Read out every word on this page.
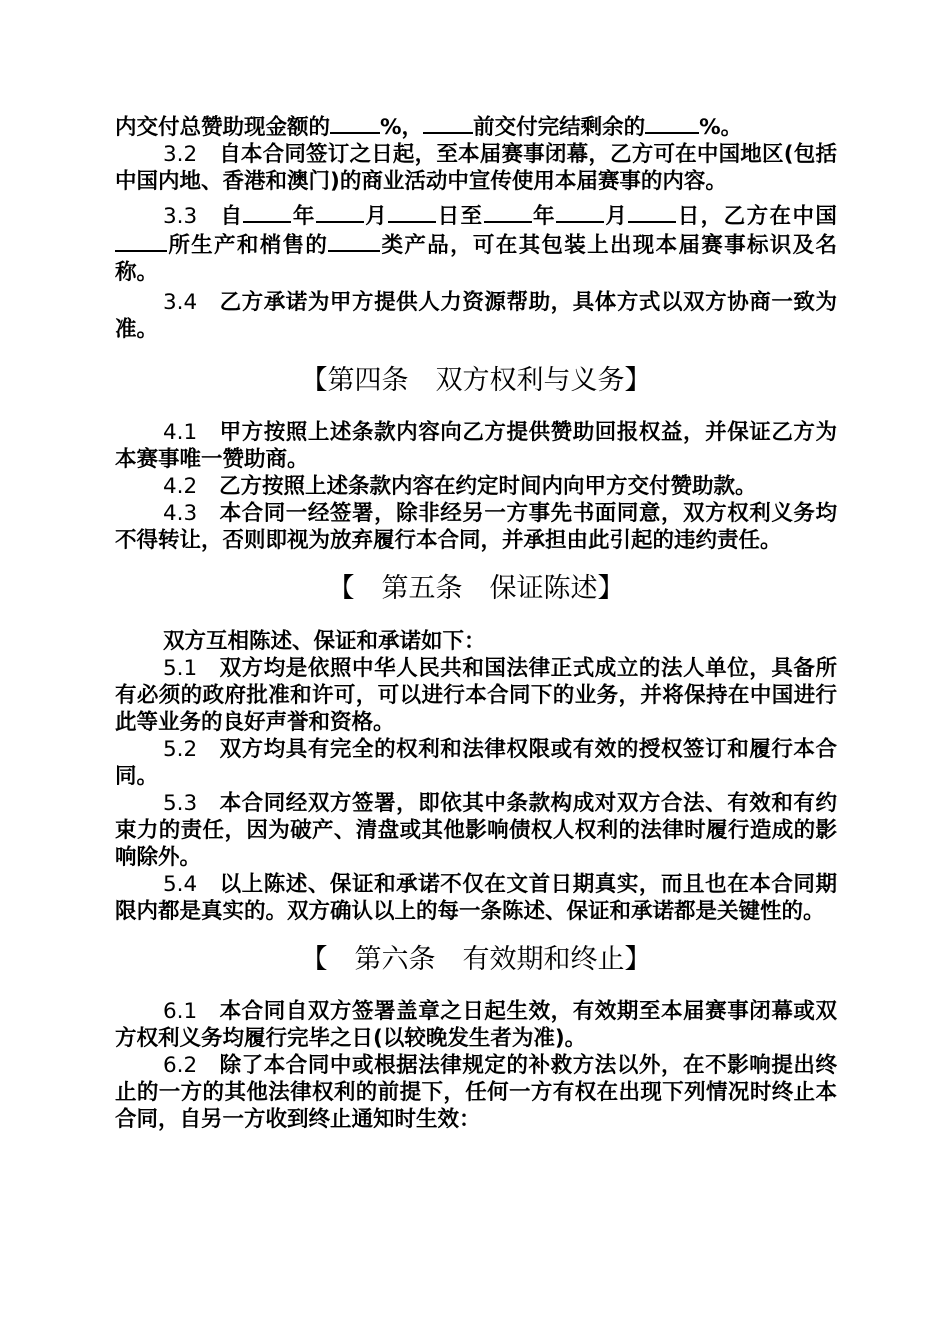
内交付总赞助现金额的 %， 前交付完结剩余的	%。

3.2 自本合同签订之日起，至本届赛事闭幕，乙方可在中国地区(包括中国内地、香港和澳门)的商业活动中宣传使用本届赛事的内容。

3.3 自 年 月 日至 年 月 日，乙方在中国所生产和梢售的 类产品，可在其包装上出现本届赛事标识及名称。

3.4 乙方承诺为甲方提供人力资源帮助，具体方式以双方协商一致为准。

【第四条　双方权利与义务】

4.1 甲方按照上述条款内容向乙方提供赞助回报权益，并保证乙方为本赛事唯一赞助商。

4.2 乙方按照上述条款内容在约定时间内向甲方交付赞助款。

4.3 本合同一经签署，除非经另一方事先书面同意，双方权利义务均不得转让，否则即视为放弃履行本合同，并承担由此引起的违约责任。

【　第五条　保证陈述】

双方互相陈述、保证和承诺如下：

5.1 双方均是依照中华人民共和国法律正式成立的法人单位，具备所有必须的政府批准和许可，可以进行本合同下的业务，并将保持在中国进行此等业务的良好声誉和资格。

5.2 双方均具有完全的权利和法律权限或有效的授权签订和履行本合同。

5.3 本合同经双方签署，即依其中条款构成对双方合法、有效和有约束力的责任，因为破产、清盘或其他影响债权人权利的法律时履行造成的影响除外。

5.4 以上陈述、保证和承诺不仅在文首日期真实，而且也在本合同期限内都是真实的。双方确认以上的每一条陈述、保证和承诺都是关键性的。

【　第六条　有效期和终止】

6.1 本合同自双方签署盖章之日起生效，有效期至本届赛事闭幕或双方权利义务均履行完毕之日(以较晚发生者为准)。

6.2 除了本合同中或根据法律规定的补救方法以外，在不影响提出终止的一方的其他法律权利的前提下，任何一方有权在出现下列情况时终止本合同，自另一方收到终止通知时生效：
